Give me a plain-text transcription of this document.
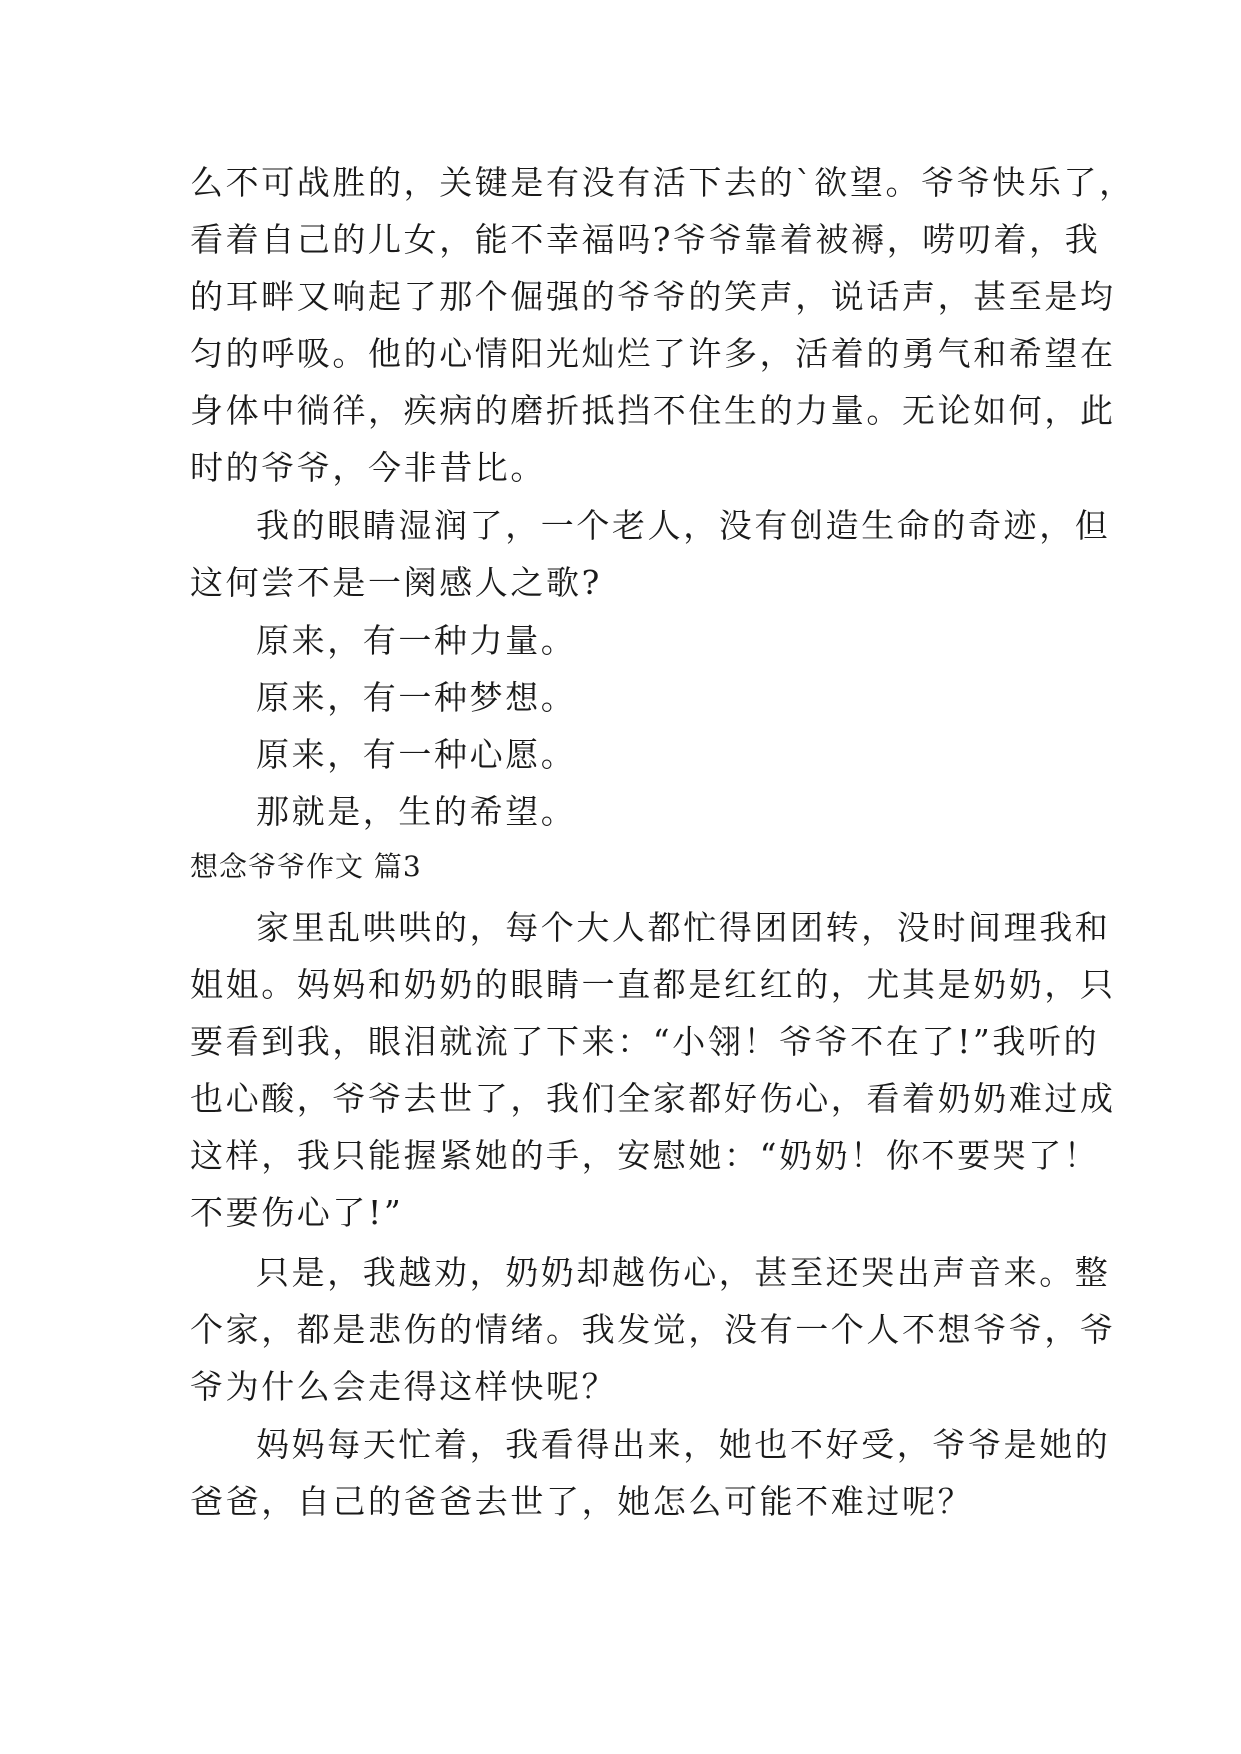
么不可战胜的，关键是有没有活下去的`欲望。爷爷快乐了，
看着自己的儿女，能不幸福吗?爷爷靠着被褥，唠叨着，我
的耳畔又响起了那个倔强的爷爷的笑声，说话声，甚至是均
匀的呼吸。他的心情阳光灿烂了许多，活着的勇气和希望在
身体中徜徉，疾病的磨折抵挡不住生的力量。无论如何，此
时的爷爷，今非昔比。
我的眼睛湿润了，一个老人，没有创造生命的奇迹，但
这何尝不是一阕感人之歌?
原来，有一种力量。
原来，有一种梦想。
原来，有一种心愿。
那就是，生的希望。
想念爷爷作文 篇3
家里乱哄哄的，每个大人都忙得团团转，没时间理我和
姐姐。妈妈和奶奶的眼睛一直都是红红的，尤其是奶奶，只
要看到我，眼泪就流了下来：“小翎！爷爷不在了!”我听的
也心酸，爷爷去世了，我们全家都好伤心，看着奶奶难过成
这样，我只能握紧她的手，安慰她：“奶奶！你不要哭了！
不要伤心了!”
只是，我越劝，奶奶却越伤心，甚至还哭出声音来。整
个家，都是悲伤的情绪。我发觉，没有一个人不想爷爷，爷
爷为什么会走得这样快呢？
妈妈每天忙着，我看得出来，她也不好受，爷爷是她的
爸爸，自己的爸爸去世了，她怎么可能不难过呢？
